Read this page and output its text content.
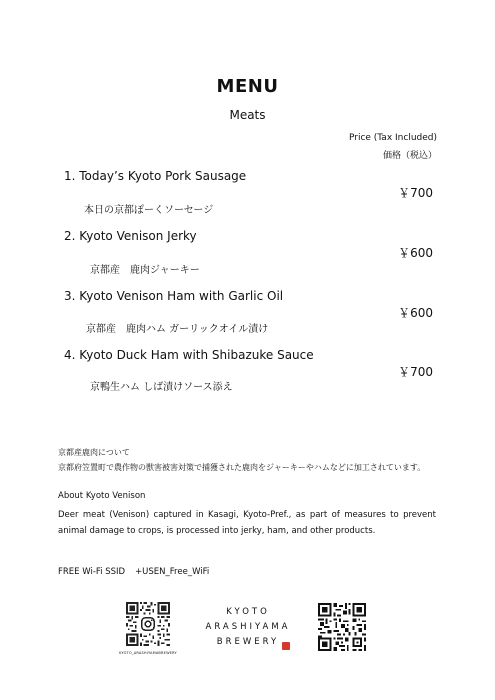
MENU
Meats
Price (Tax Included)
価格（税込）
1. Today’s Kyoto Pork Sausage
￥700
本日の京都ぽーくソーセージ
2. Kyoto Venison Jerky
￥600
京都産　鹿肉ジャーキー
3. Kyoto Venison Ham with Garlic Oil
￥600
京都産　鹿肉ハム ガーリックオイル漬け
4. Kyoto Duck Ham with Shibazuke Sauce
￥700
京鴨生ハム しば漬けソース添え
京都産鹿肉について
京都府笠置町で農作物の獣害被害対策で捕獲された鹿肉をジャーキーやハムなどに加工されています。
About Kyoto Venison
Deer meat (Venison) captured in Kasagi, Kyoto-Pref., as part of measures to prevent animal damage to crops, is processed into jerky, ham, and other products.
FREE Wi-Fi SSID +USEN_Free_WiFi
KYOTO_ARASHIYAMABREWERY
KYOTO
ARASHIYAMA
BREWERY
